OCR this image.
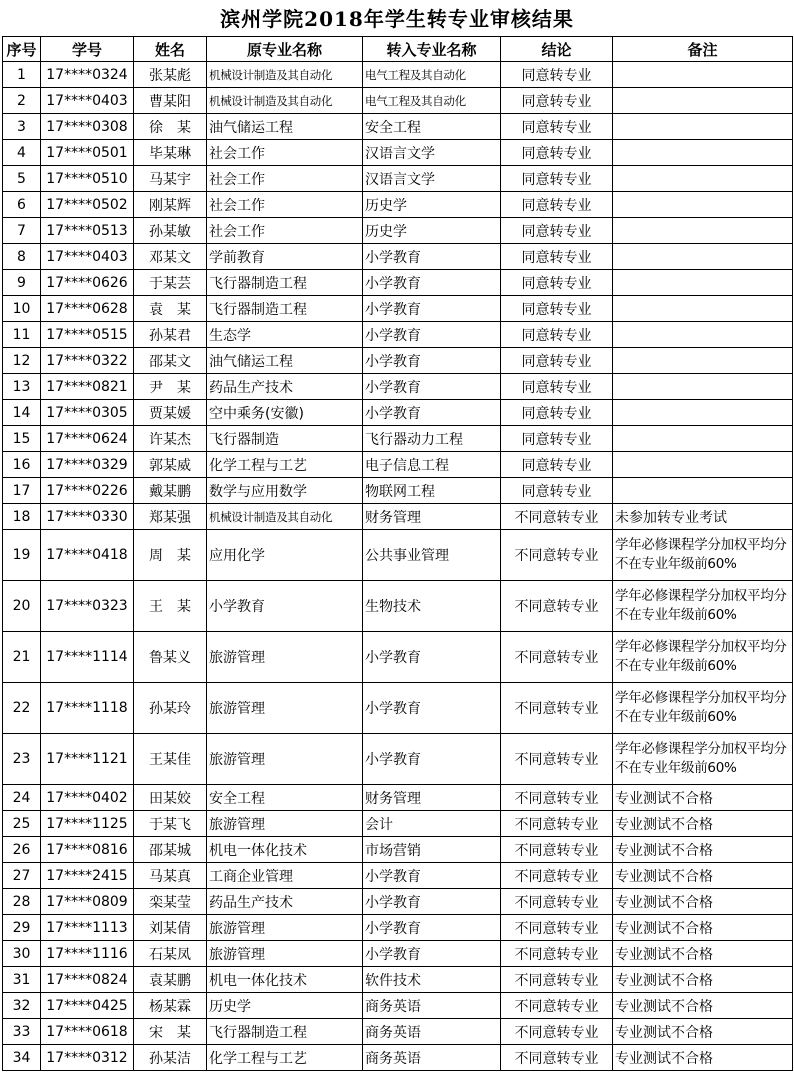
滨州学院2018年学生转专业审核结果
序号	学号	姓名	原专业名称	转入专业名称	结论	备注
1	17****0324	张某彪	机械设计制造及其自动化	电气工程及其自动化	同意转专业	
2	17****0403	曹某阳	机械设计制造及其自动化	电气工程及其自动化	同意转专业	
3	17****0308	徐　某	油气储运工程	安全工程	同意转专业	
4	17****0501	毕某琳	社会工作	汉语言文学	同意转专业	
5	17****0510	马某宇	社会工作	汉语言文学	同意转专业	
6	17****0502	刚某辉	社会工作	历史学	同意转专业	
7	17****0513	孙某敏	社会工作	历史学	同意转专业	
8	17****0403	邓某文	学前教育	小学教育	同意转专业	
9	17****0626	于某芸	飞行器制造工程	小学教育	同意转专业	
10	17****0628	袁　某	飞行器制造工程	小学教育	同意转专业	
11	17****0515	孙某君	生态学	小学教育	同意转专业	
12	17****0322	邵某文	油气储运工程	小学教育	同意转专业	
13	17****0821	尹　某	药品生产技术	小学教育	同意转专业	
14	17****0305	贾某媛	空中乘务(安徽)	小学教育	同意转专业	
15	17****0624	许某杰	飞行器制造	飞行器动力工程	同意转专业	
16	17****0329	郭某威	化学工程与工艺	电子信息工程	同意转专业	
17	17****0226	戴某鹏	数学与应用数学	物联网工程	同意转专业	
18	17****0330	郑某强	机械设计制造及其自动化	财务管理	不同意转专业	未参加转专业考试
19	17****0418	周　某	应用化学	公共事业管理	不同意转专业	学年必修课程学分加权平均分不在专业年级前60%
20	17****0323	王　某	小学教育	生物技术	不同意转专业	学年必修课程学分加权平均分不在专业年级前60%
21	17****1114	鲁某义	旅游管理	小学教育	不同意转专业	学年必修课程学分加权平均分不在专业年级前60%
22	17****1118	孙某玲	旅游管理	小学教育	不同意转专业	学年必修课程学分加权平均分不在专业年级前60%
23	17****1121	王某佳	旅游管理	小学教育	不同意转专业	学年必修课程学分加权平均分不在专业年级前60%
24	17****0402	田某姣	安全工程	财务管理	不同意转专业	专业测试不合格
25	17****1125	于某飞	旅游管理	会计	不同意转专业	专业测试不合格
26	17****0816	邵某城	机电一体化技术	市场营销	不同意转专业	专业测试不合格
27	17****2415	马某真	工商企业管理	小学教育	不同意转专业	专业测试不合格
28	17****0809	栾某莹	药品生产技术	小学教育	不同意转专业	专业测试不合格
29	17****1113	刘某倩	旅游管理	小学教育	不同意转专业	专业测试不合格
30	17****1116	石某凤	旅游管理	小学教育	不同意转专业	专业测试不合格
31	17****0824	袁某鹏	机电一体化技术	软件技术	不同意转专业	专业测试不合格
32	17****0425	杨某霖	历史学	商务英语	不同意转专业	专业测试不合格
33	17****0618	宋　某	飞行器制造工程	商务英语	不同意转专业	专业测试不合格
34	17****0312	孙某洁	化学工程与工艺	商务英语	不同意转专业	专业测试不合格
